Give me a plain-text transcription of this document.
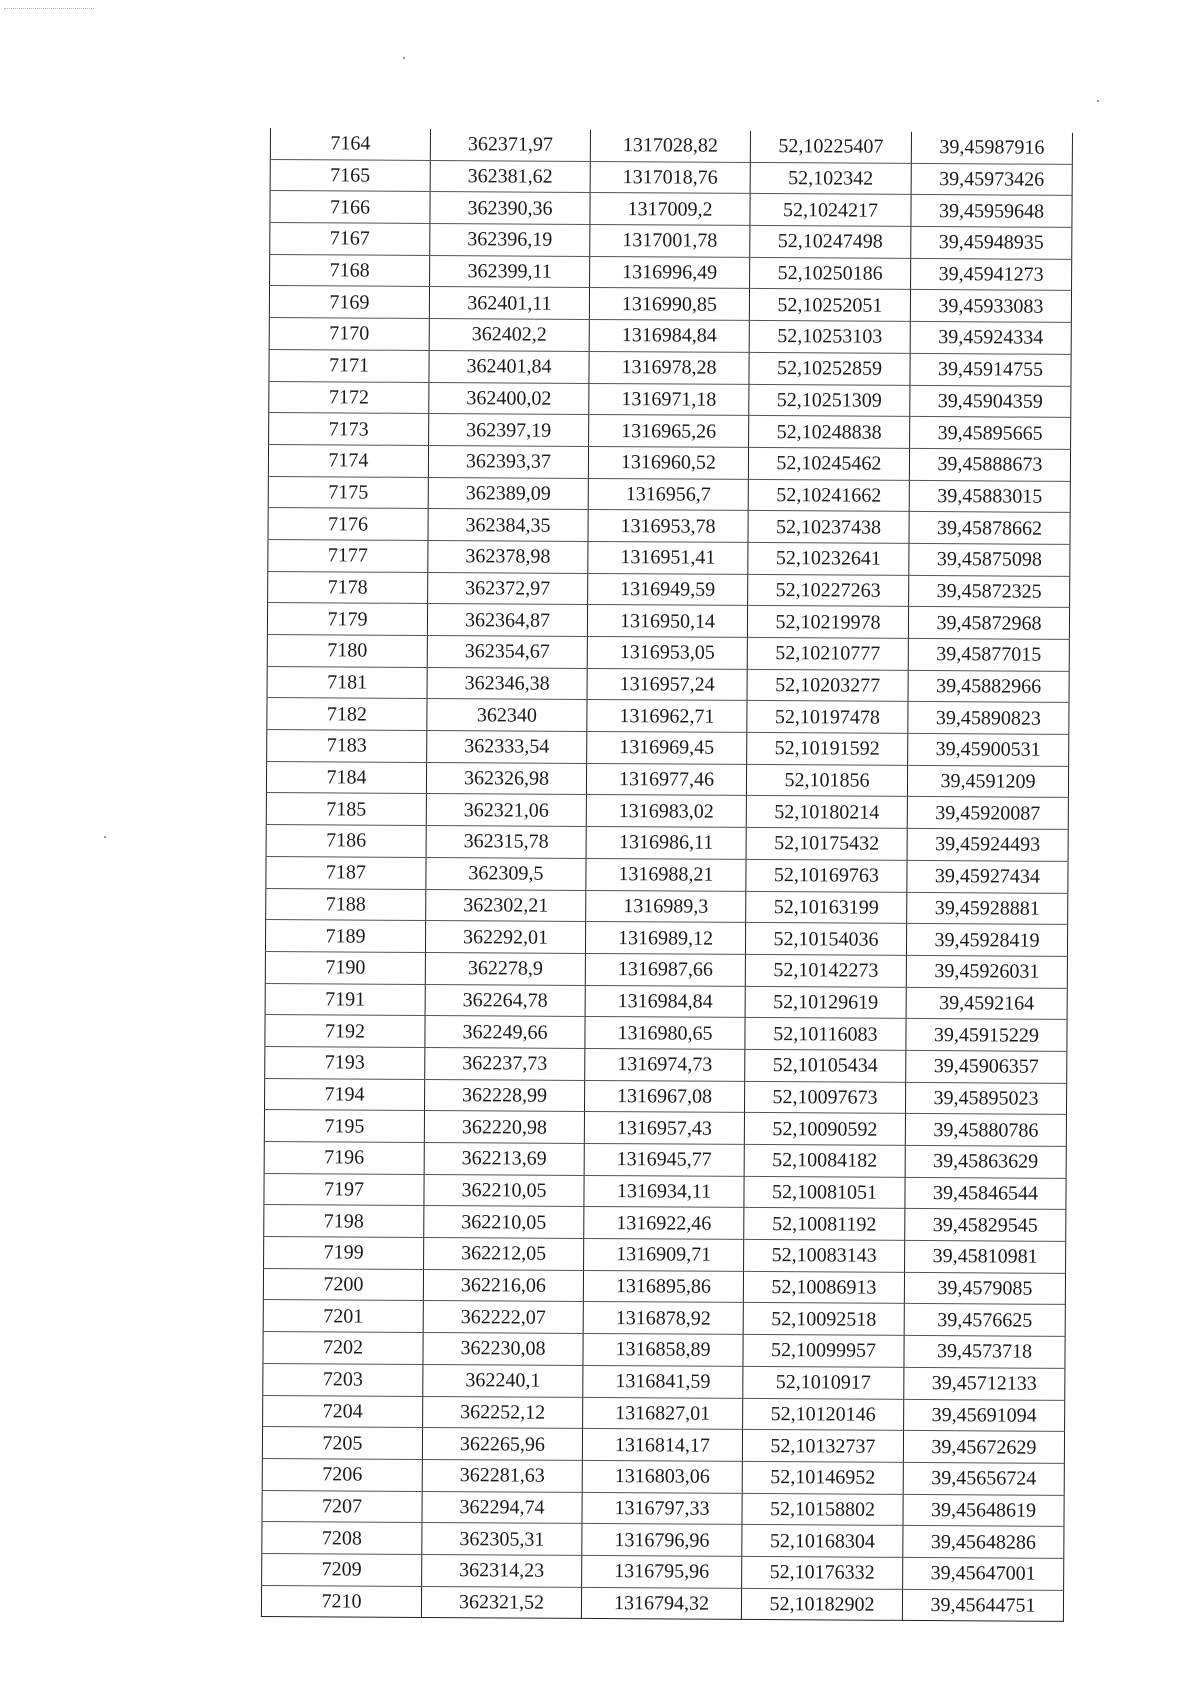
7164	362371,97	1317028,82	52,10225407	39,45987916
7165	362381,62	1317018,76	52,102342	39,45973426
7166	362390,36	1317009,2	52,1024217	39,45959648
7167	362396,19	1317001,78	52,10247498	39,45948935
7168	362399,11	1316996,49	52,10250186	39,45941273
7169	362401,11	1316990,85	52,10252051	39,45933083
7170	362402,2	1316984,84	52,10253103	39,45924334
7171	362401,84	1316978,28	52,10252859	39,45914755
7172	362400,02	1316971,18	52,10251309	39,45904359
7173	362397,19	1316965,26	52,10248838	39,45895665
7174	362393,37	1316960,52	52,10245462	39,45888673
7175	362389,09	1316956,7	52,10241662	39,45883015
7176	362384,35	1316953,78	52,10237438	39,45878662
7177	362378,98	1316951,41	52,10232641	39,45875098
7178	362372,97	1316949,59	52,10227263	39,45872325
7179	362364,87	1316950,14	52,10219978	39,45872968
7180	362354,67	1316953,05	52,10210777	39,45877015
7181	362346,38	1316957,24	52,10203277	39,45882966
7182	362340	1316962,71	52,10197478	39,45890823
7183	362333,54	1316969,45	52,10191592	39,45900531
7184	362326,98	1316977,46	52,101856	39,4591209
7185	362321,06	1316983,02	52,10180214	39,45920087
7186	362315,78	1316986,11	52,10175432	39,45924493
7187	362309,5	1316988,21	52,10169763	39,45927434
7188	362302,21	1316989,3	52,10163199	39,45928881
7189	362292,01	1316989,12	52,10154036	39,45928419
7190	362278,9	1316987,66	52,10142273	39,45926031
7191	362264,78	1316984,84	52,10129619	39,4592164
7192	362249,66	1316980,65	52,10116083	39,45915229
7193	362237,73	1316974,73	52,10105434	39,45906357
7194	362228,99	1316967,08	52,10097673	39,45895023
7195	362220,98	1316957,43	52,10090592	39,45880786
7196	362213,69	1316945,77	52,10084182	39,45863629
7197	362210,05	1316934,11	52,10081051	39,45846544
7198	362210,05	1316922,46	52,10081192	39,45829545
7199	362212,05	1316909,71	52,10083143	39,45810981
7200	362216,06	1316895,86	52,10086913	39,4579085
7201	362222,07	1316878,92	52,10092518	39,4576625
7202	362230,08	1316858,89	52,10099957	39,4573718
7203	362240,1	1316841,59	52,1010917	39,45712133
7204	362252,12	1316827,01	52,10120146	39,45691094
7205	362265,96	1316814,17	52,10132737	39,45672629
7206	362281,63	1316803,06	52,10146952	39,45656724
7207	362294,74	1316797,33	52,10158802	39,45648619
7208	362305,31	1316796,96	52,10168304	39,45648286
7209	362314,23	1316795,96	52,10176332	39,45647001
7210	362321,52	1316794,32	52,10182902	39,45644751
